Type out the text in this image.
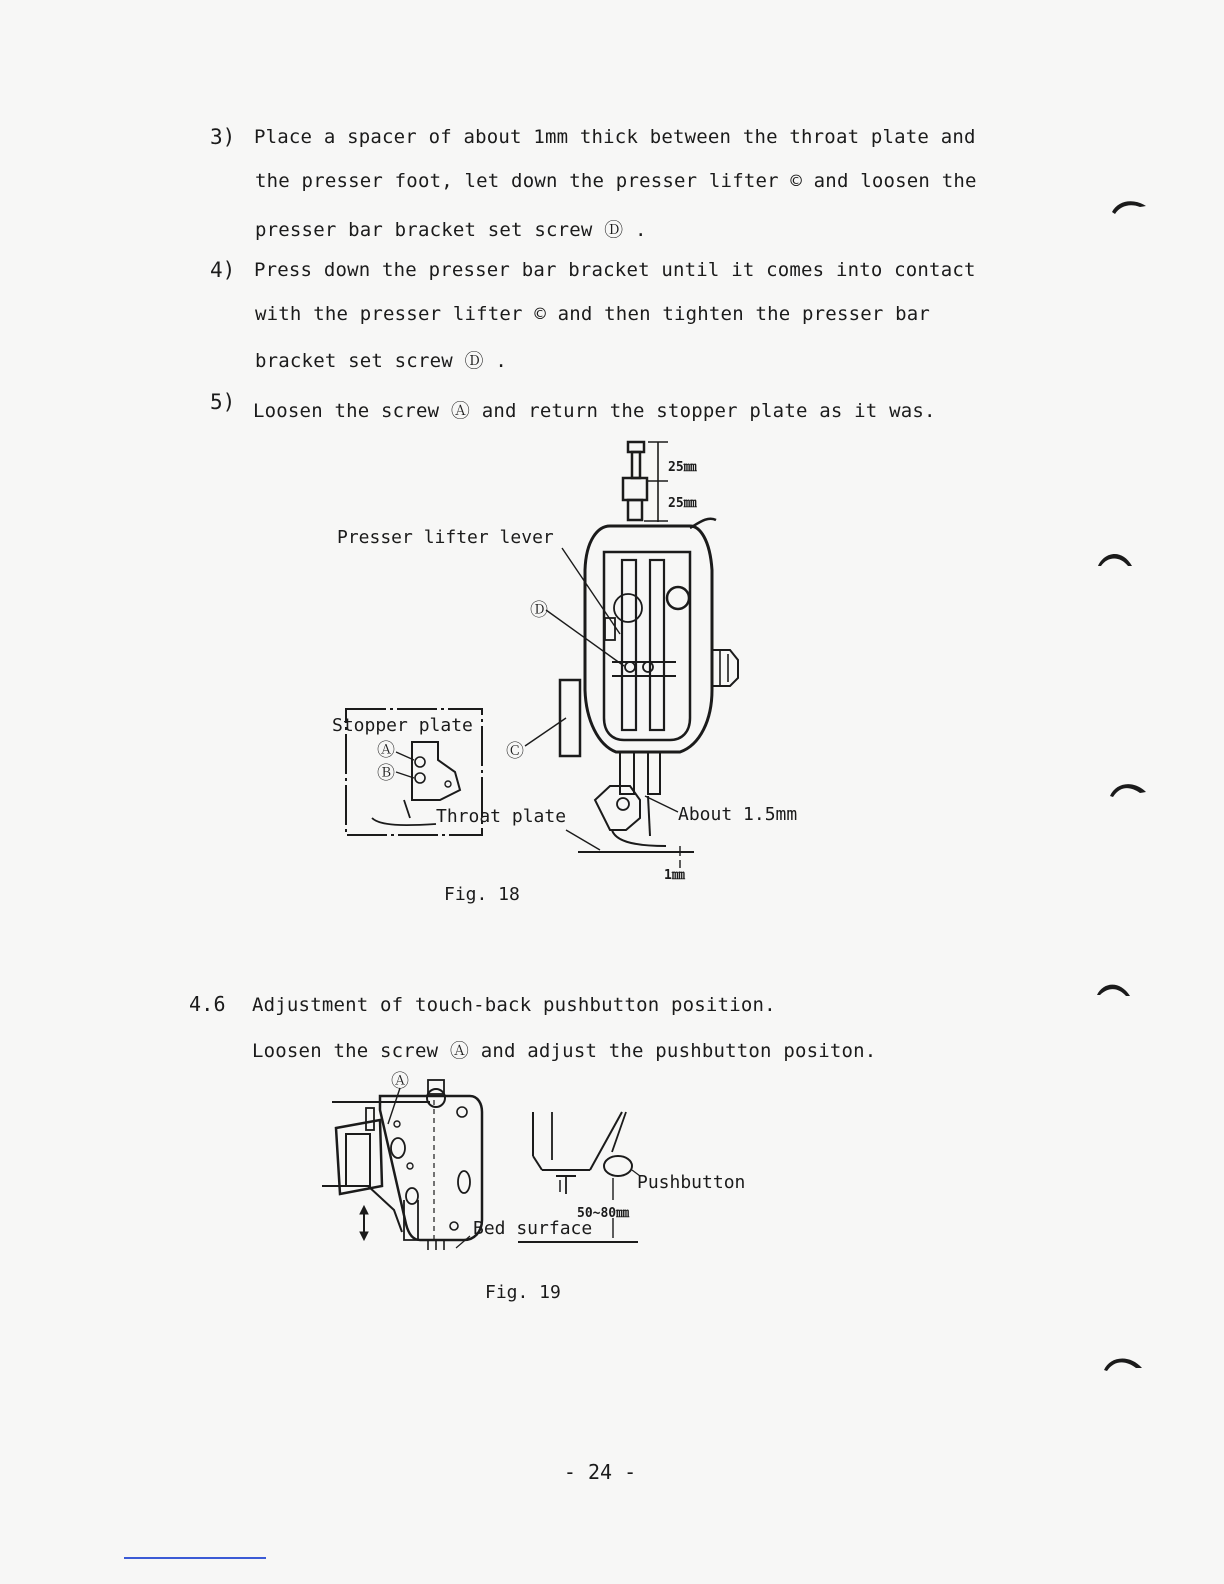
3) Place a spacer of about 1mm thick between the throat plate and
the presser foot, let down the presser lifter © and loosen the
presser bar bracket set screw Ⓓ .
4) Press down the presser bar bracket until it comes into contact
with the presser lifter © and then tighten the presser bar
bracket set screw Ⓓ .
5) Loosen the screw Ⓐ and return the stopper plate as it was.
25㎜
25㎜
Presser lifter lever
Ⓓ
Stopper plate
Ⓐ
Ⓑ
Ⓒ
Throat plate	About 1.5mm
1㎜
Fig. 18
4.6 Adjustment of touch-back pushbutton position.
Loosen the screw Ⓐ and adjust the pushbutton positon.
Ⓐ
Pushbutton
50~80㎜
Bed surface
Fig. 19
- 24 -
